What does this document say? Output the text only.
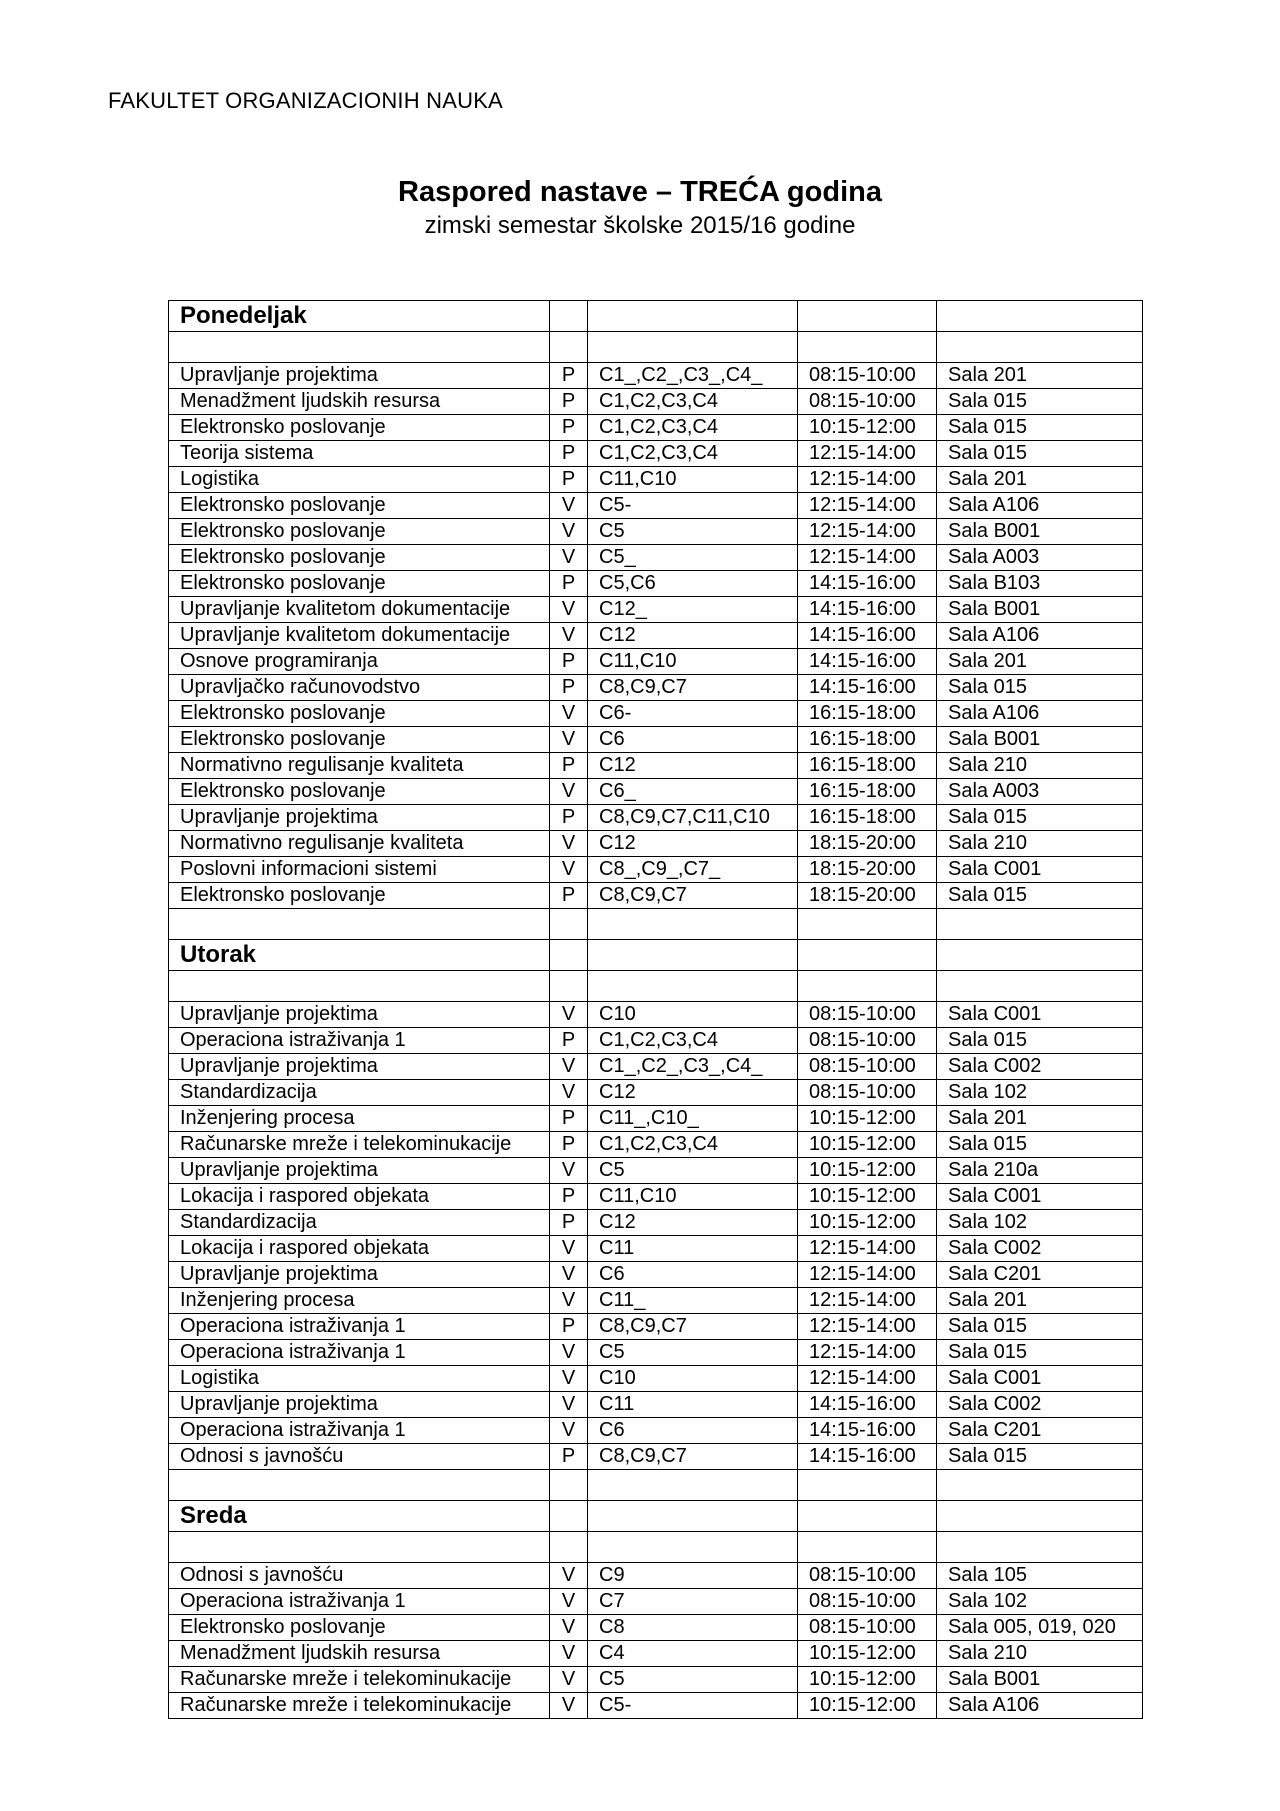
FAKULTET ORGANIZACIONIH NAUKA
Raspored nastave – TREĆA godina
zimski semestar školske 2015/16 godine
Ponedeljak				

Upravljanje projektima	P	C1_,C2_,C3_,C4_	08:15-10:00	Sala 201
Menadžment ljudskih resursa	P	C1,C2,C3,C4	08:15-10:00	Sala 015
Elektronsko poslovanje	P	C1,C2,C3,C4	10:15-12:00	Sala 015
Teorija sistema	P	C1,C2,C3,C4	12:15-14:00	Sala 015
Logistika	P	C11,C10	12:15-14:00	Sala 201
Elektronsko poslovanje	V	C5-	12:15-14:00	Sala A106
Elektronsko poslovanje	V	C5	12:15-14:00	Sala B001
Elektronsko poslovanje	V	C5_	12:15-14:00	Sala A003
Elektronsko poslovanje	P	C5,C6	14:15-16:00	Sala B103
Upravljanje kvalitetom dokumentacije	V	C12_	14:15-16:00	Sala B001
Upravljanje kvalitetom dokumentacije	V	C12	14:15-16:00	Sala A106
Osnove programiranja	P	C11,C10	14:15-16:00	Sala 201
Upravljačko računovodstvo	P	C8,C9,C7	14:15-16:00	Sala 015
Elektronsko poslovanje	V	C6-	16:15-18:00	Sala A106
Elektronsko poslovanje	V	C6	16:15-18:00	Sala B001
Normativno regulisanje kvaliteta	P	C12	16:15-18:00	Sala 210
Elektronsko poslovanje	V	C6_	16:15-18:00	Sala A003
Upravljanje projektima	P	C8,C9,C7,C11,C10	16:15-18:00	Sala 015
Normativno regulisanje kvaliteta	V	C12	18:15-20:00	Sala 210
Poslovni informacioni sistemi	V	C8_,C9_,C7_	18:15-20:00	Sala C001
Elektronsko poslovanje	P	C8,C9,C7	18:15-20:00	Sala 015

Utorak				

Upravljanje projektima	V	C10	08:15-10:00	Sala C001
Operaciona istraživanja 1	P	C1,C2,C3,C4	08:15-10:00	Sala 015
Upravljanje projektima	V	C1_,C2_,C3_,C4_	08:15-10:00	Sala C002
Standardizacija	V	C12	08:15-10:00	Sala 102
Inženjering procesa	P	C11_,C10_	10:15-12:00	Sala 201
Računarske mreže i telekominukacije	P	C1,C2,C3,C4	10:15-12:00	Sala 015
Upravljanje projektima	V	C5	10:15-12:00	Sala 210a
Lokacija i raspored objekata	P	C11,C10	10:15-12:00	Sala C001
Standardizacija	P	C12	10:15-12:00	Sala 102
Lokacija i raspored objekata	V	C11	12:15-14:00	Sala C002
Upravljanje projektima	V	C6	12:15-14:00	Sala C201
Inženjering procesa	V	C11_	12:15-14:00	Sala 201
Operaciona istraživanja 1	P	C8,C9,C7	12:15-14:00	Sala 015
Operaciona istraživanja 1	V	C5	12:15-14:00	Sala 015
Logistika	V	C10	12:15-14:00	Sala C001
Upravljanje projektima	V	C11	14:15-16:00	Sala C002
Operaciona istraživanja 1	V	C6	14:15-16:00	Sala C201
Odnosi s javnošću	P	C8,C9,C7	14:15-16:00	Sala 015

Sreda				

Odnosi s javnošću	V	C9	08:15-10:00	Sala 105
Operaciona istraživanja 1	V	C7	08:15-10:00	Sala 102
Elektronsko poslovanje	V	C8	08:15-10:00	Sala 005, 019, 020
Menadžment ljudskih resursa	V	C4	10:15-12:00	Sala 210
Računarske mreže i telekominukacije	V	C5	10:15-12:00	Sala B001
Računarske mreže i telekominukacije	V	C5-	10:15-12:00	Sala A106
